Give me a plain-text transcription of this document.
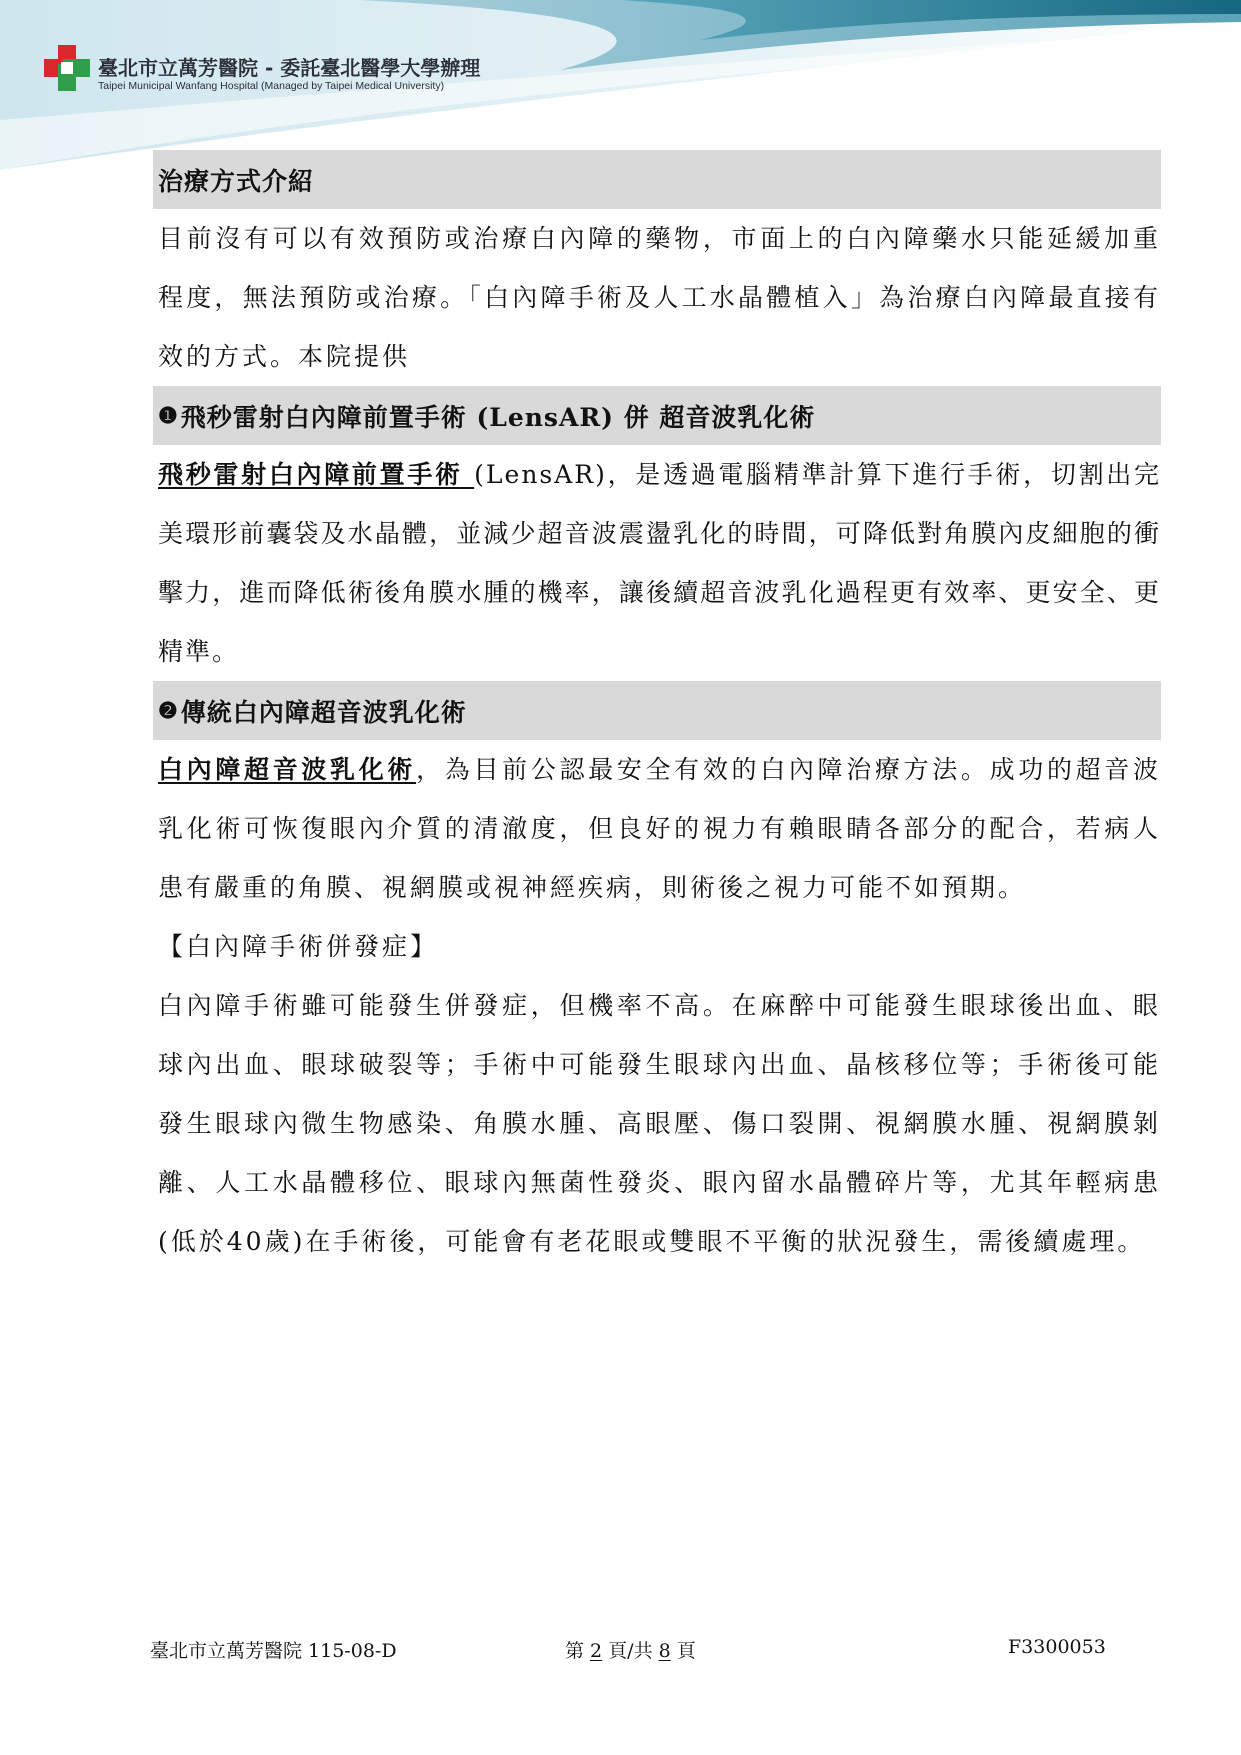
臺北市立萬芳醫院 - 委託臺北醫學大學辦理
Taipei Municipal Wanfang Hospital (Managed by Taipei Medical University)
治療方式介紹

目前沒有可以有效預防或治療白內障的藥物，市面上的白內障藥水只能延緩加重程度，無法預防或治療。「白內障手術及人工水晶體植入」為治療白內障最直接有效的方式。本院提供

❶ 飛秒雷射白內障前置手術 (LensAR) 併 超音波乳化術

飛秒雷射白內障前置手術 (LensAR)，是透過電腦精準計算下進行手術，切割出完美環形前囊袋及水晶體，並減少超音波震盪乳化的時間，可降低對角膜內皮細胞的衝擊力，進而降低術後角膜水腫的機率，讓後續超音波乳化過程更有效率、更安全、更精準。

❷ 傳統白內障超音波乳化術

白內障超音波乳化術，為目前公認最安全有效的白內障治療方法。成功的超音波乳化術可恢復眼內介質的清澈度，但良好的視力有賴眼睛各部分的配合，若病人患有嚴重的角膜、視網膜或視神經疾病，則術後之視力可能不如預期。

【白內障手術併發症】

白內障手術雖可能發生併發症，但機率不高。在麻醉中可能發生眼球後出血、眼球內出血、眼球破裂等；手術中可能發生眼球內出血、晶核移位等；手術後可能發生眼球內微生物感染、角膜水腫、高眼壓、傷口裂開、視網膜水腫、視網膜剝離、人工水晶體移位、眼球內無菌性發炎、眼內留水晶體碎片等，尤其年輕病患(低於40歲)在手術後，可能會有老花眼或雙眼不平衡的狀況發生，需後續處理。

臺北市立萬芳醫院 115-08-D	第 2 頁/共 8 頁	F3300053
